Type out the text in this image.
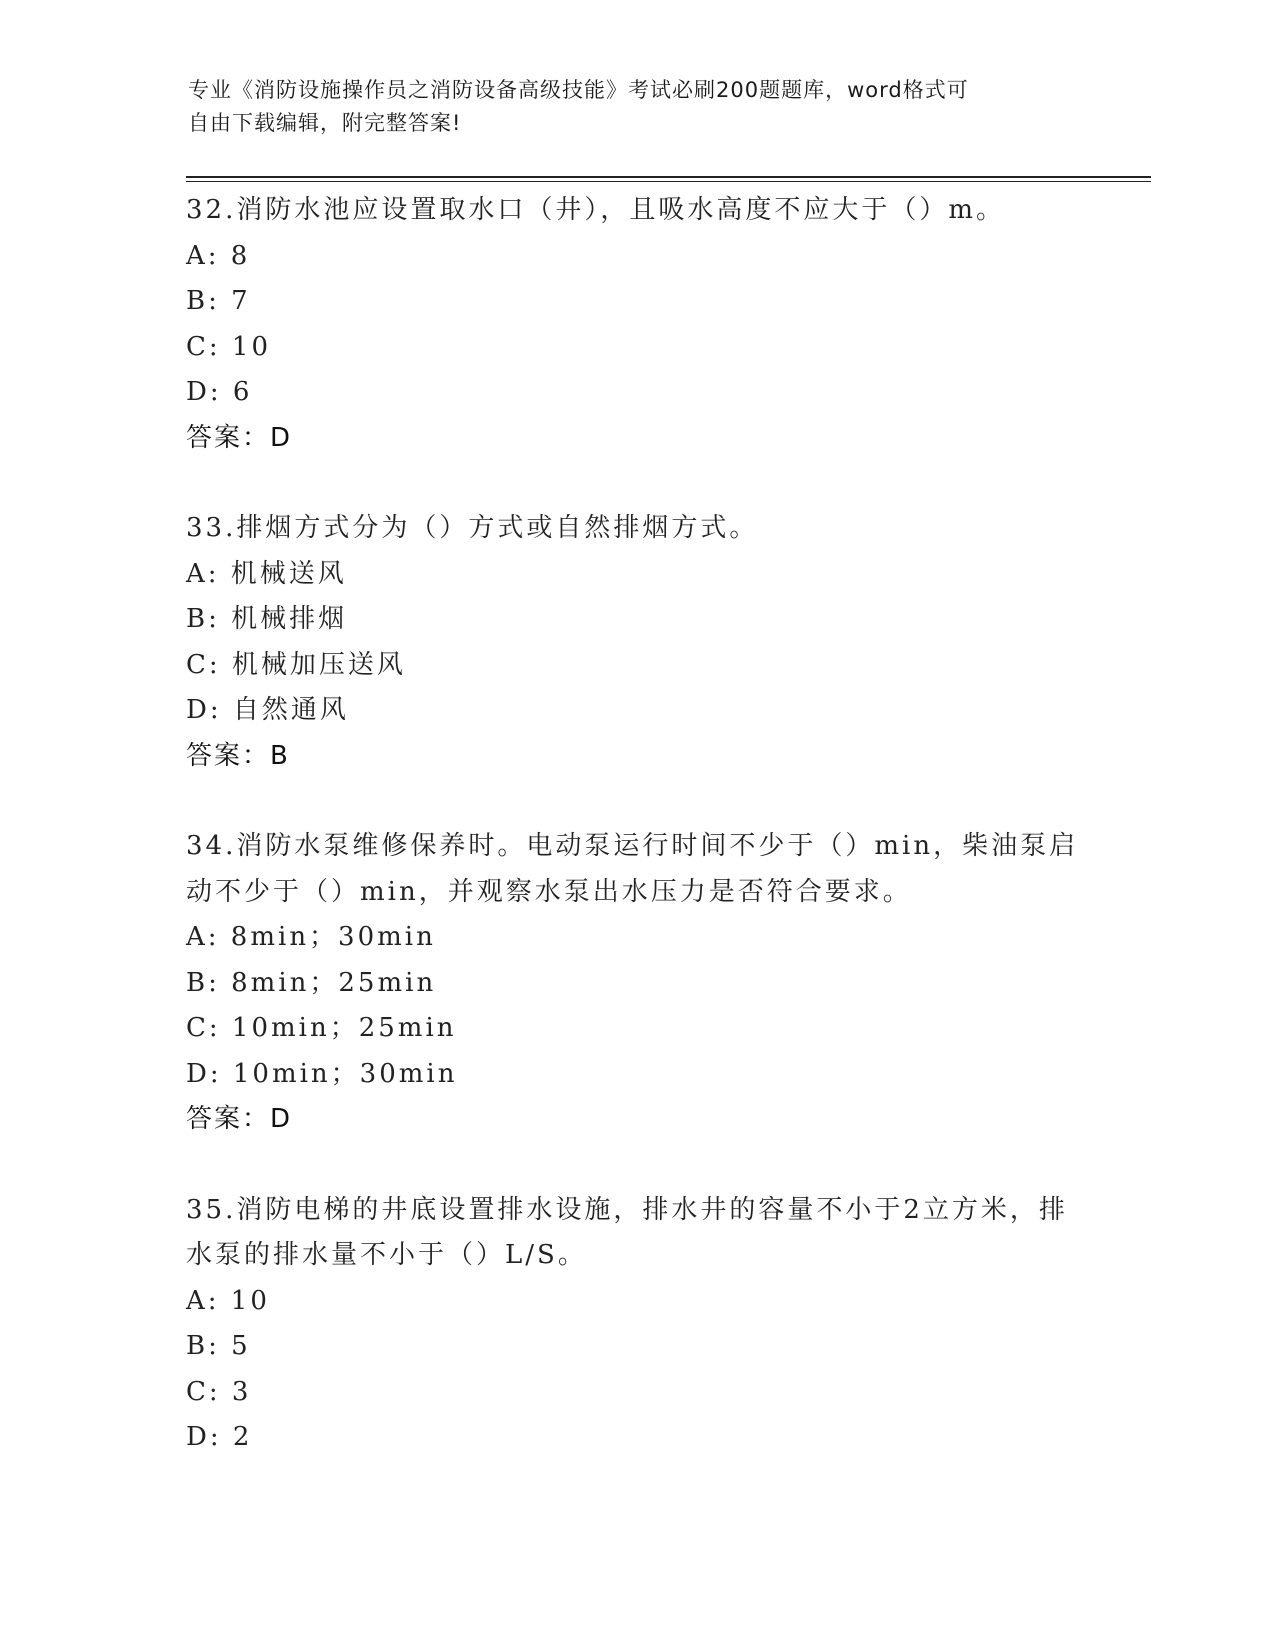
专业《消防设施操作员之消防设备高级技能》考试必刷200题题库，word格式可
自由下载编辑，附完整答案!
32.消防水池应设置取水口（井），且吸水高度不应大于（）m。
A: 8
B: 7
C: 10
D: 6
答案：D
33.排烟方式分为（）方式或自然排烟方式。
A: 机械送风
B: 机械排烟
C: 机械加压送风
D: 自然通风
答案：B
34.消防水泵维修保养时。电动泵运行时间不少于（）min，柴油泵启
动不少于（）min，并观察水泵出水压力是否符合要求。
A: 8min；30min
B: 8min；25min
C: 10min；25min
D: 10min；30min
答案：D
35.消防电梯的井底设置排水设施，排水井的容量不小于2立方米，排
水泵的排水量不小于（）L/S。
A: 10
B: 5
C: 3
D: 2
